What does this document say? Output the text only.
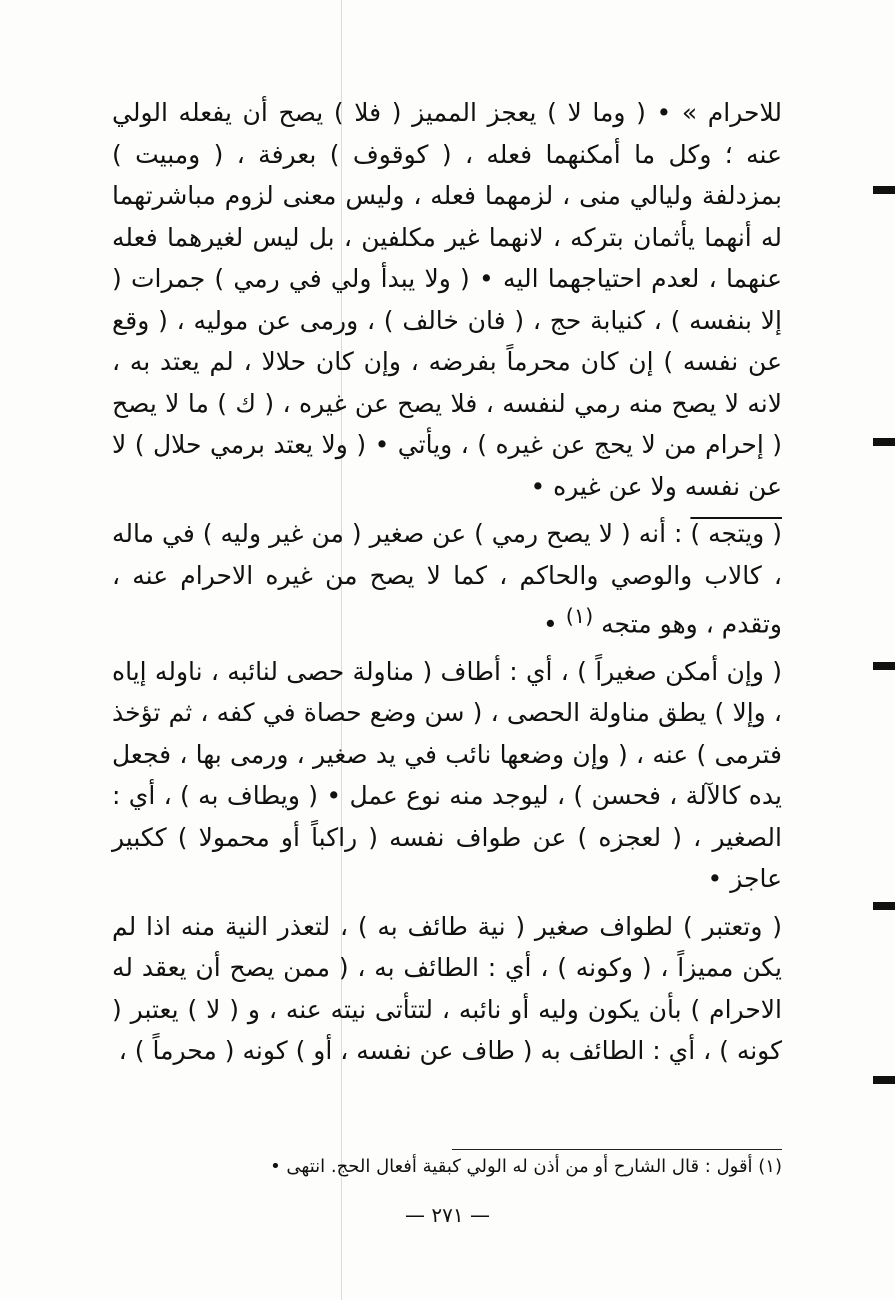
للاحرام » • ( وما لا ) يعجز المميز ( فلا ) يصح أن يفعله الولي عنه ؛ وكل ما أمكنهما فعله ، ( كوقوف ) بعرفة ، ( ومبيت ) بمزدلفة وليالي منى ، لزمهما فعله ، وليس معنى لزوم مباشرتهما له أنهما يأثمان بتركه ، لانهما غير مكلفين ، بل ليس لغيرهما فعله عنهما ، لعدم احتياجهما اليه • ( ولا يبدأ ولي في رمي ) جمرات ( إلا بنفسه ) ، كنيابة حج ، ( فان خالف ) ، ورمى عن موليه ، ( وقع عن نفسه ) إن كان محرماً بفرضه ، وإن كان حلالا ، لم يعتد به ، لانه لا يصح منه رمي لنفسه ، فلا يصح عن غيره ، ( ك ) ما لا يصح ( إحرام من لا يحج عن غيره ) ، ويأتي • ( ولا يعتد برمي حلال ) لا عن نفسه ولا عن غيره •

( ويتجه ) : أنه ( لا يصح رمي ) عن صغير ( من غير وليه ) في ماله ، كالاب والوصي والحاكم ، كما لا يصح من غيره الاحرام عنه ، وتقدم ، وهو متجه $^{(١)}$ •

( وإن أمكن صغيراً ) ، أي : أطاف ( مناولة حصى لنائبه ، ناوله إياه ، وإلا ) يطق مناولة الحصى ، ( سن وضع حصاة في كفه ، ثم تؤخذ فترمى ) عنه ، ( وإن وضعها نائب في يد صغير ، ورمى بها ، فجعل يده كالآلة ، فحسن ) ، ليوجد منه نوع عمل • ( ويطاف به ) ، أي : الصغير ، ( لعجزه ) عن طواف نفسه ( راكباً أو محمولا ) ككبير عاجز •

( وتعتبر ) لطواف صغير ( نية طائف به ) ، لتعذر النية منه اذا لم يكن مميزاً ، ( وكونه ) ، أي : الطائف به ، ( ممن يصح أن يعقد له الاحرام ) بأن يكون وليه أو نائبه ، لتتأتى نيته عنه ، و ( لا ) يعتبر ( كونه ) ، أي : الطائف به ( طاف عن نفسه ، أو ) كونه ( محرماً ) ،

(١) أقول : قال الشارح أو من أذن له الولي كبقية أفعال الحج. انتهى •
— ٢٧١ —
